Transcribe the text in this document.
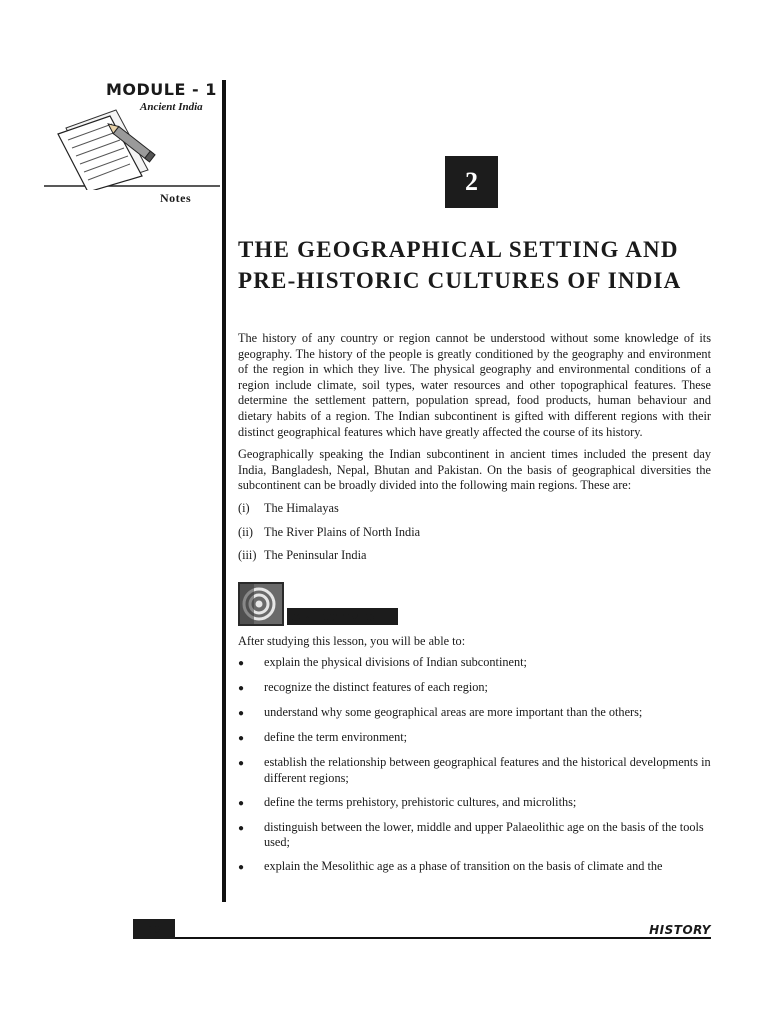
MODULE - 1
Ancient India
Notes
2
THE GEOGRAPHICAL SETTING AND
PRE-HISTORIC CULTURES OF INDIA

The history of any country or region cannot be understood without some knowledge of its geography. The history of the people is greatly conditioned by the geography and environment of the region in which they live. The physical geography and environmental conditions of a region include climate, soil types, water resources and other topographical features. These determine the settlement pattern, population spread, food products, human behaviour and dietary habits of a region. The Indian subcontinent is gifted with different regions with their distinct geographical features which have greatly affected the course of its history.

Geographically speaking the Indian subcontinent in ancient times included the present day India, Bangladesh, Nepal, Bhutan and Pakistan. On the basis of geographical diversities the subcontinent can be broadly divided into the following main regions. These are:

(i)	The Himalayas
(ii) The River Plains of North India
(iii) The Peninsular India
OBJECTIVES
After studying this lesson, you will be able to:
●	explain the physical divisions of Indian subcontinent;
●	recognize the distinct features of each region;
●	understand why some geographical areas are more important than the others;
●	define the term environment;
●	establish the relationship between geographical features and the historical developments in different regions;
●	define the terms prehistory, prehistoric cultures, and microliths;
●	distinguish between the lower, middle and upper Palaeolithic age on the basis of the tools used;
●	explain the Mesolithic age as a phase of transition on the basis of climate and the
10	HISTORY
